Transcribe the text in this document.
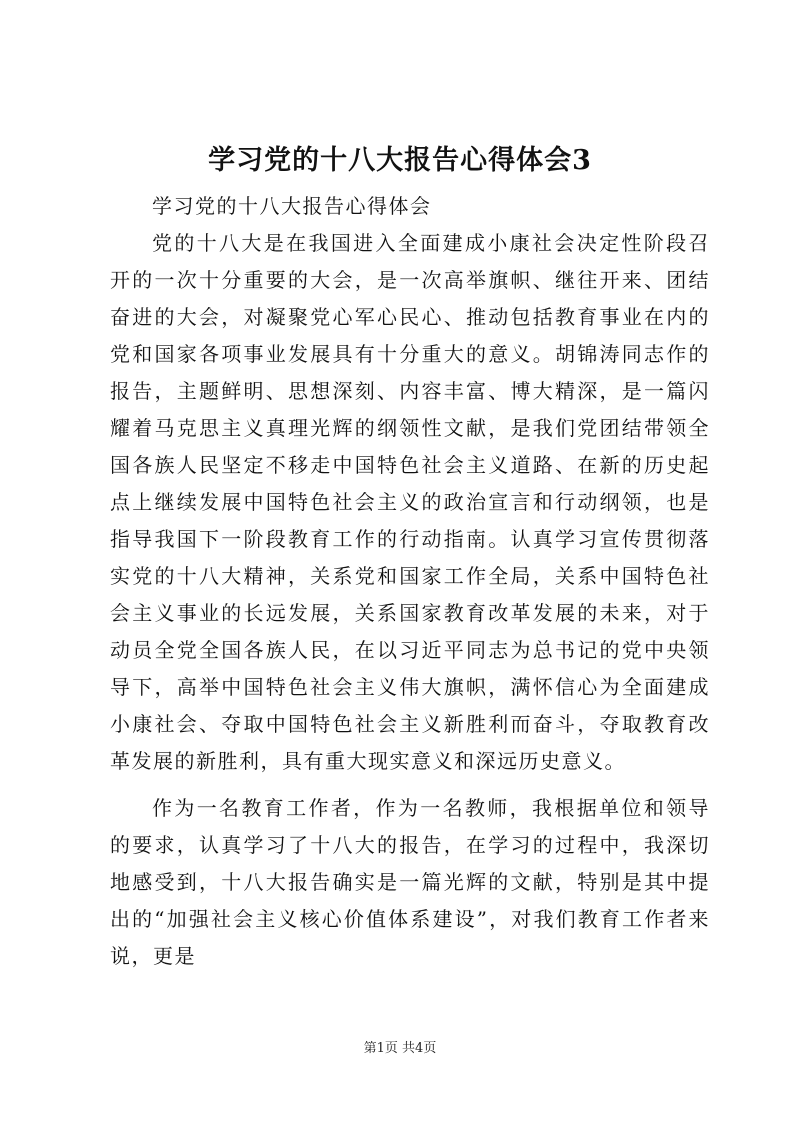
学习党的十八大报告心得体会3

学习党的十八大报告心得体会

党的十八大是在我国进入全面建成小康社会决定性阶段召开的一次十分重要的大会，是一次高举旗帜、继往开来、团结奋进的大会，对凝聚党心军心民心、推动包括教育事业在内的党和国家各项事业发展具有十分重大的意义。胡锦涛同志作的报告，主题鲜明、思想深刻、内容丰富、博大精深，是一篇闪耀着马克思主义真理光辉的纲领性文献，是我们党团结带领全国各族人民坚定不移走中国特色社会主义道路、在新的历史起点上继续发展中国特色社会主义的政治宣言和行动纲领，也是指导我国下一阶段教育工作的行动指南。认真学习宣传贯彻落实党的十八大精神，关系党和国家工作全局，关系中国特色社会主义事业的长远发展，关系国家教育改革发展的未来，对于动员全党全国各族人民，在以习近平同志为总书记的党中央领导下，高举中国特色社会主义伟大旗帜，满怀信心为全面建成小康社会、夺取中国特色社会主义新胜利而奋斗，夺取教育改革发展的新胜利，具有重大现实意义和深远历史意义。

作为一名教育工作者，作为一名教师，我根据单位和领导的要求，认真学习了十八大的报告，在学习的过程中，我深切地感受到，十八大报告确实是一篇光辉的文献，特别是其中提出的“加强社会主义核心价值体系建设”，对我们教育工作者来说，更是

第1页 共4页
